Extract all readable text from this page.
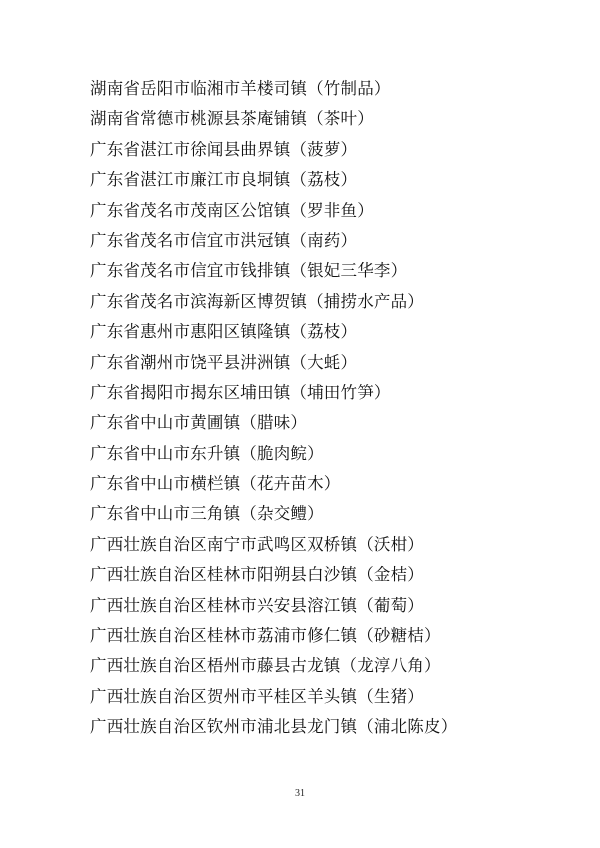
湖南省岳阳市临湘市羊楼司镇（竹制品）
湖南省常德市桃源县茶庵铺镇（茶叶）
广东省湛江市徐闻县曲界镇（菠萝）
广东省湛江市廉江市良垌镇（荔枝）
广东省茂名市茂南区公馆镇（罗非鱼）
广东省茂名市信宜市洪冠镇（南药）
广东省茂名市信宜市钱排镇（银妃三华李）
广东省茂名市滨海新区博贺镇（捕捞水产品）
广东省惠州市惠阳区镇隆镇（荔枝）
广东省潮州市饶平县汫洲镇（大蚝）
广东省揭阳市揭东区埔田镇（埔田竹笋）
广东省中山市黄圃镇（腊味）
广东省中山市东升镇（脆肉鲩）
广东省中山市横栏镇（花卉苗木）
广东省中山市三角镇（杂交鳢）
广西壮族自治区南宁市武鸣区双桥镇（沃柑）
广西壮族自治区桂林市阳朔县白沙镇（金桔）
广西壮族自治区桂林市兴安县溶江镇（葡萄）
广西壮族自治区桂林市荔浦市修仁镇（砂糖桔）
广西壮族自治区梧州市藤县古龙镇（龙淳八角）
广西壮族自治区贺州市平桂区羊头镇（生猪）
广西壮族自治区钦州市浦北县龙门镇（浦北陈皮）
31
